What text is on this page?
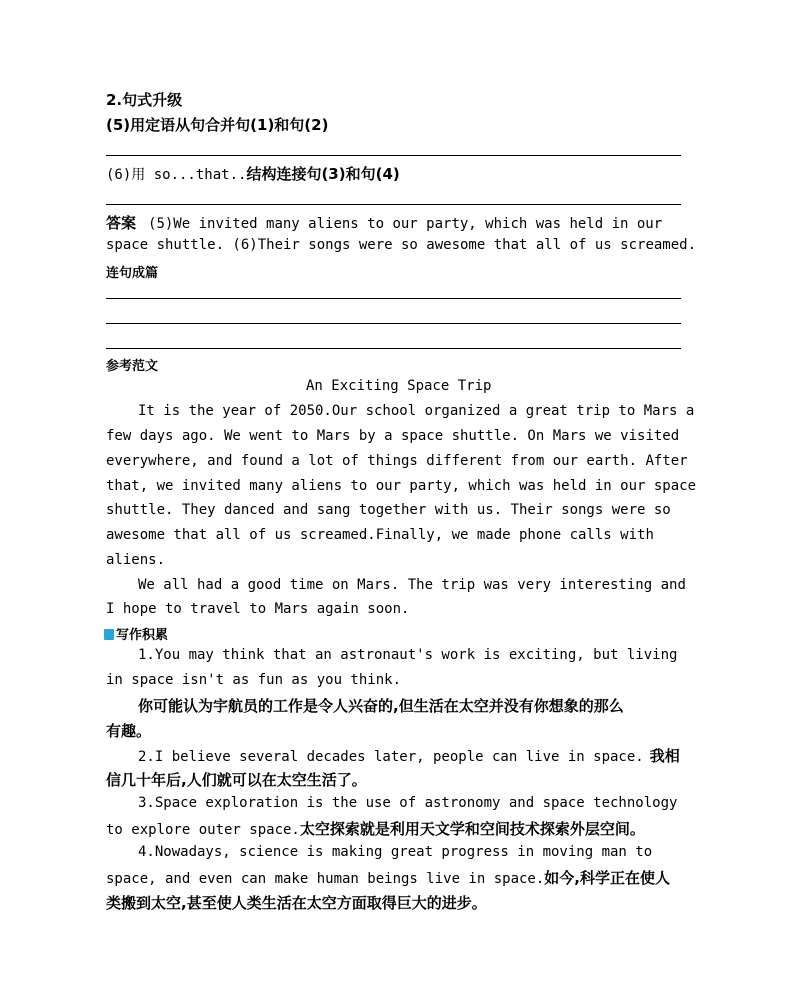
2.句式升级
(5)用定语从句合并句(1)和句(2)
(6)用 so...that..结构连接句(3)和句(4)
答案 (5)We invited many aliens to our party, which was held in our
space shuttle. (6)Their songs were so awesome that all of us screamed.
连句成篇
参考范文
An Exciting Space Trip
It is the year of 2050.Our school organized a great trip to Mars a
few days ago. We went to Mars by a space shuttle. On Mars we visited
everywhere, and found a lot of things different from our earth. After
that, we invited many aliens to our party, which was held in our space
shuttle. They danced and sang together with us. Their songs were so
awesome that all of us screamed.Finally, we made phone calls with
aliens.
We all had a good time on Mars. The trip was very interesting and
I hope to travel to Mars again soon.
写作积累
1.You may think that an astronaut's work is exciting, but living
in space isn't as fun as you think.
你可能认为宇航员的工作是令人兴奋的,但生活在太空并没有你想象的那么
有趣。
2.I believe several decades later, people can live in space. 我相
信几十年后,人们就可以在太空生活了。
3.Space exploration is the use of astronomy and space technology
to explore outer space.太空探索就是利用天文学和空间技术探索外层空间。
4.Nowadays, science is making great progress in moving man to
space, and even can make human beings live in space.如今,科学正在使人
类搬到太空,甚至使人类生活在太空方面取得巨大的进步。
